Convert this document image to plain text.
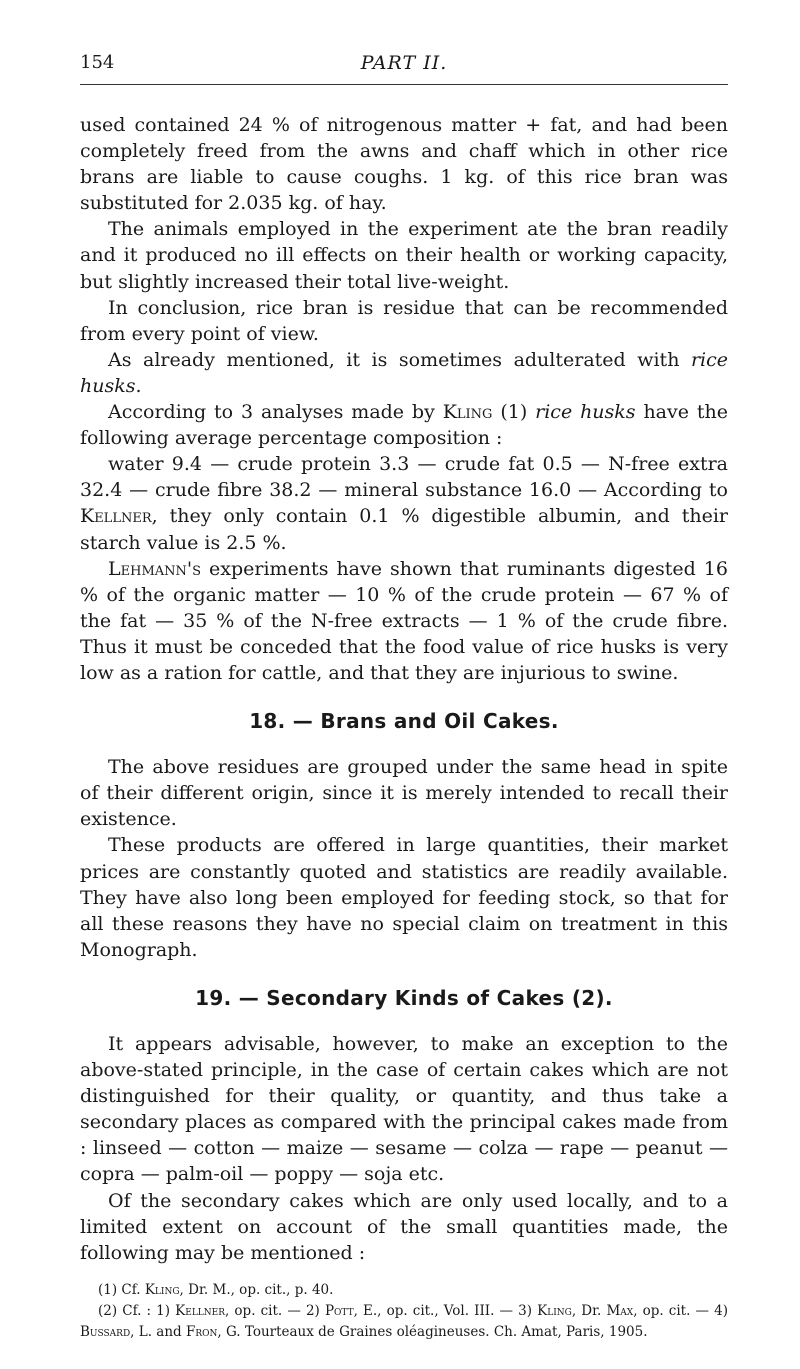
154	PART II.

used contained 24 % of nitrogenous matter + fat, and had been completely freed from the awns and chaff which in other rice brans are liable to cause coughs. 1 kg. of this rice bran was substituted for 2.035 kg. of hay.

The animals employed in the experiment ate the bran readily and it produced no ill effects on their health or working capacity, but slightly increased their total live-weight.

In conclusion, rice bran is residue that can be recommended from every point of view.

As already mentioned, it is sometimes adulterated with rice husks.

According to 3 analyses made by Kling (1) rice husks have the following average percentage composition :

water 9.4 — crude protein 3.3 — crude fat 0.5 — N-free extra 32.4 — crude fibre 38.2 — mineral substance 16.0 — According to Kellner, they only contain 0.1 % digestible albumin, and their starch value is 2.5 %.

Lehmann's experiments have shown that ruminants digested 16 % of the organic matter — 10 % of the crude protein — 67 % of the fat — 35 % of the N-free extracts — 1 % of the crude fibre. Thus it must be conceded that the food value of rice husks is very low as a ration for cattle, and that they are injurious to swine.

18. — Brans and Oil Cakes.

The above residues are grouped under the same head in spite of their different origin, since it is merely intended to recall their existence.

These products are offered in large quantities, their market prices are constantly quoted and statistics are readily available. They have also long been employed for feeding stock, so that for all these reasons they have no special claim on treatment in this Monograph.

19. — Secondary Kinds of Cakes (2).

It appears advisable, however, to make an exception to the above-stated principle, in the case of certain cakes which are not distinguished for their quality, or quantity, and thus take a secondary places as compared with the principal cakes made from : linseed — cotton — maize — sesame — colza — rape — peanut — copra — palm-oil — poppy — soja etc.

Of the secondary cakes which are only used locally, and to a limited extent on account of the small quantities made, the following may be mentioned :

(1) Cf. Kling, Dr. M., op. cit., p. 40.

(2) Cf. : 1) Kellner, op. cit. — 2) Pott, E., op. cit., Vol. III. — 3) Kling, Dr. Max, op. cit. — 4) Bussard, L. and Fron, G. Tourteaux de Graines oléagineuses. Ch. Amat, Paris, 1905.
